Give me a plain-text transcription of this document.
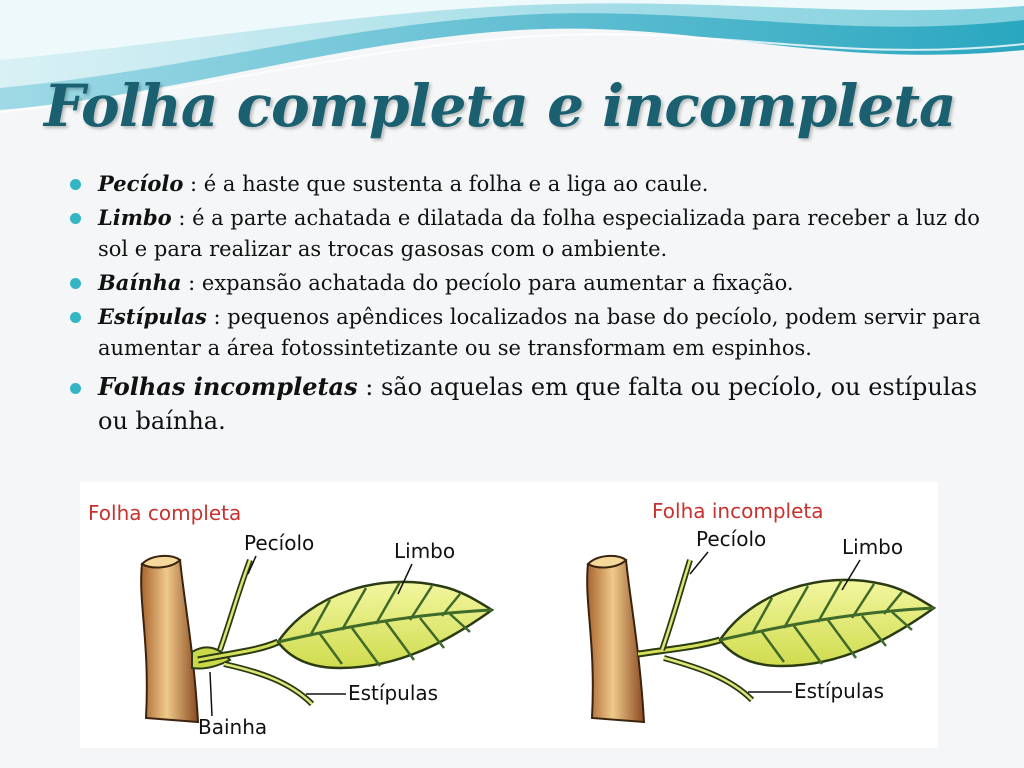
Folha completa e incompleta
Pecíolo : é a haste que sustenta a folha e a liga ao caule.
Limbo : é a parte achatada e dilatada da folha especializada para receber a luz do sol e para realizar as trocas gasosas com o ambiente.
Baínha : expansão achatada do pecíolo para aumentar a fixação.
Estípulas : pequenos apêndices localizados na base do pecíolo, podem servir para aumentar a área fotossintetizante ou se transformam em espinhos.
Folhas incompletas : são aquelas em que falta ou pecíolo, ou estípulas ou baínha.
Folha completa
Pecíolo	Limbo
Estípulas
Bainha
Folha incompleta
Pecíolo	Limbo
Estípulas
